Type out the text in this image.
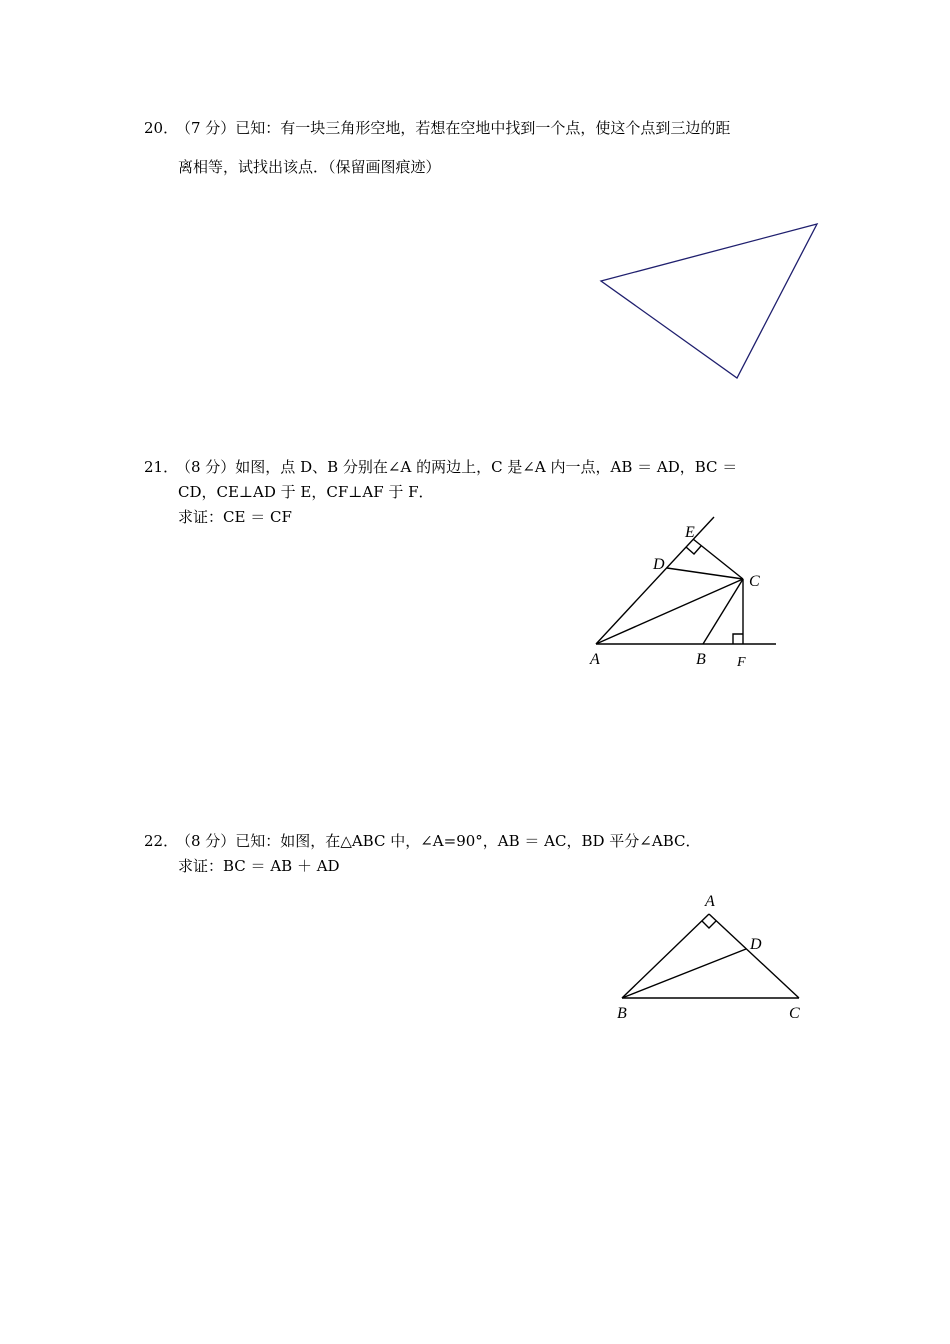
20．
（7 分）已知：有一块三角形空地，若想在空地中找到一个点，使这个点到三边的距
离相等，试找出该点．（保留画图痕迹）
21．
（8 分）如图，点 D、B 分别在∠A 的两边上，C 是∠A 内一点，AB ＝ AD，BC ＝
CD，CE⊥AD 于 E，CF⊥AF 于 F．
求证：CE ＝ CF
22．
（8 分）已知：如图，在△ABC 中，∠A=90°，AB ＝ AC，BD 平分∠ABC．
求证：BC ＝ AB ＋ AD
A	B
C
D
E
F
A
B	C
D
